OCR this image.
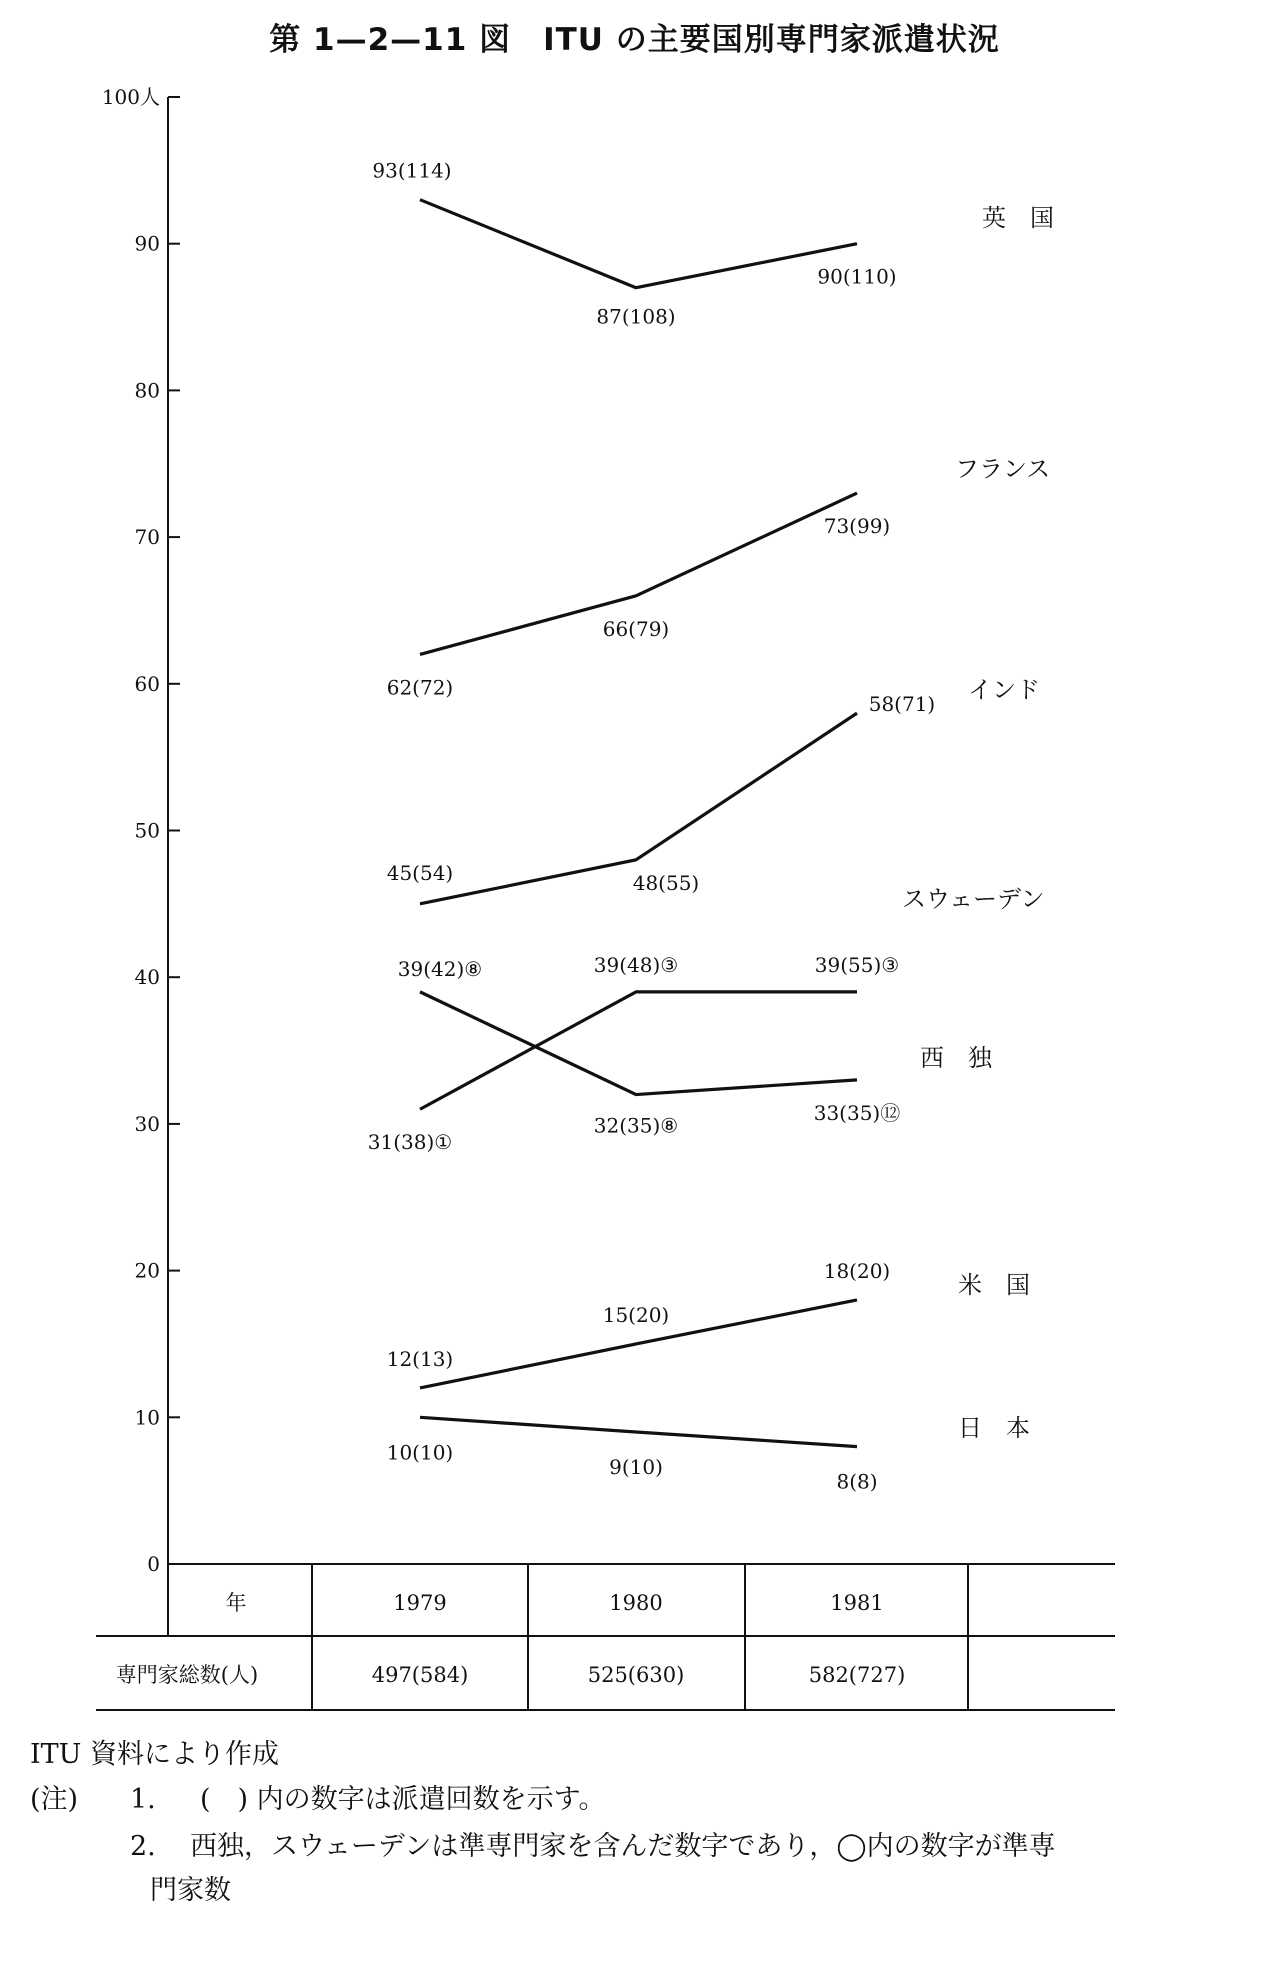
第 1—2—11 図　ITU の主要国別専門家派遣状況
0
10
20
30
40
50
60
70
80
90
100人
93(114)
87(108)
90(110)
英　国
62(72)
66(79)
73(99)
フランス
45(54)	48(55)
58(71)
インド
31(38)①
39(48)③	39(55)③
スウェーデン
39(42)⑧
32(35)⑧
33(35)⑫
西　独
12(13)
15(20)
18(20)
米　国
10(10)
9(10)
8(8)
日　本
年	1979	1980	1981
専門家総数(人)	497(584)	525(630)	582(727)
ITU 資料により作成
(注) 1. (　) 内の数字は派遣回数を示す。
2. 西独，スウェーデンは準専門家を含んだ数字であり，◯内の数字が準専
門家数
